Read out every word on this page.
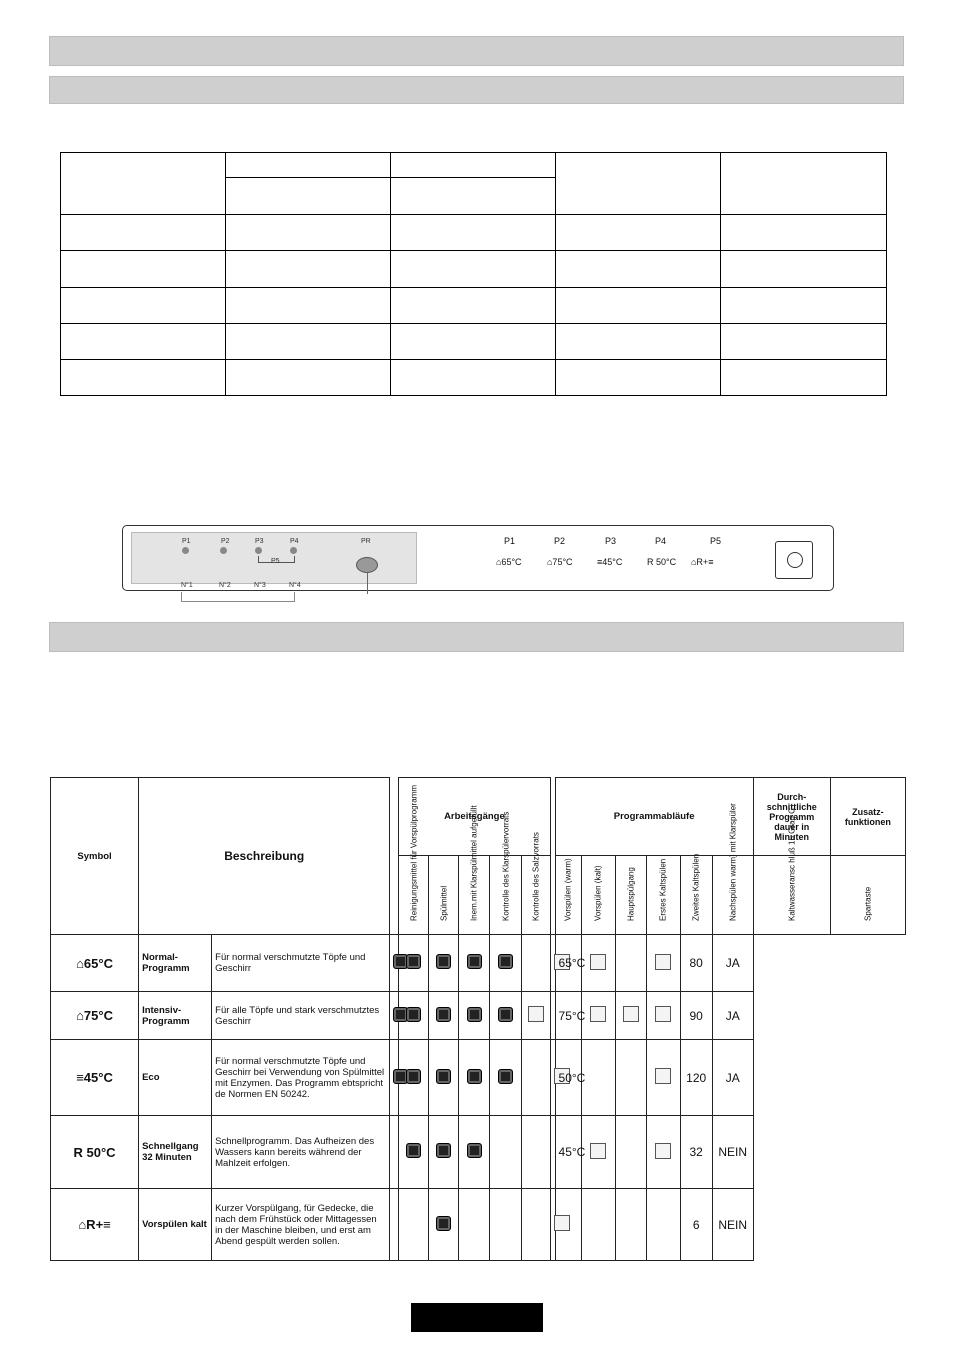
P1	P2	P3	P4
P5
PR
N°1	N°2	N°3	N°4
P1	P2	P3	P4	P5
⌂65°C	⌂75°C	≡45°C	R 50°C ⌂R+≡
Symbol	Beschreibung			Arbeitsgänge						Programmabläufe						Durch-schnittliche Programm dauer in Minuten	Zusatz-funktionen

				Reinigungsmittel für Vorspülprogramm	Spülmittel	Inem.mit Klarspülmittel aufgefüllt	Kontrolle des Klarspülervorrats	Kontrolle des Salzvorrats		Vorspülen (warm)	Vorspülen (kalt)	Hauptspülgang	Erstes Kaltspülen	Zweites Kaltspülen	Nachspülen warm) mit Klarspüler	Kaltwasseransc hluß 15 Grad C	Spartaste

⌂65°C	Normal-Programm	Für normal verschmutzte Töpfe und Geschirr								65°C				80	JA		
⌂75°C	Intensiv-Programm	Für alle Töpfe und stark verschmutztes Geschirr								75°C				90	JA		
≡45°C	Eco	Für normal verschmutzte Töpfe und Geschirr bei Verwendung von Spülmittel mit Enzymen. Das Programm ebtspricht de Normen EN 50242.								50°C				120	JA		
R 50°C	Schnellgang 32 Minuten	Schnellprogramm. Das Aufheizen des Wassers kann bereits während der Mahlzeit erfolgen.								45°C				32	NEIN		
⌂R+≡	Vorspülen kalt	Kurzer Vorspülgang, für Gedecke, die nach dem Frühstück oder Mittagessen in der Maschine bleiben, und erst am Abend gespült werden sollen.												6	NEIN		
